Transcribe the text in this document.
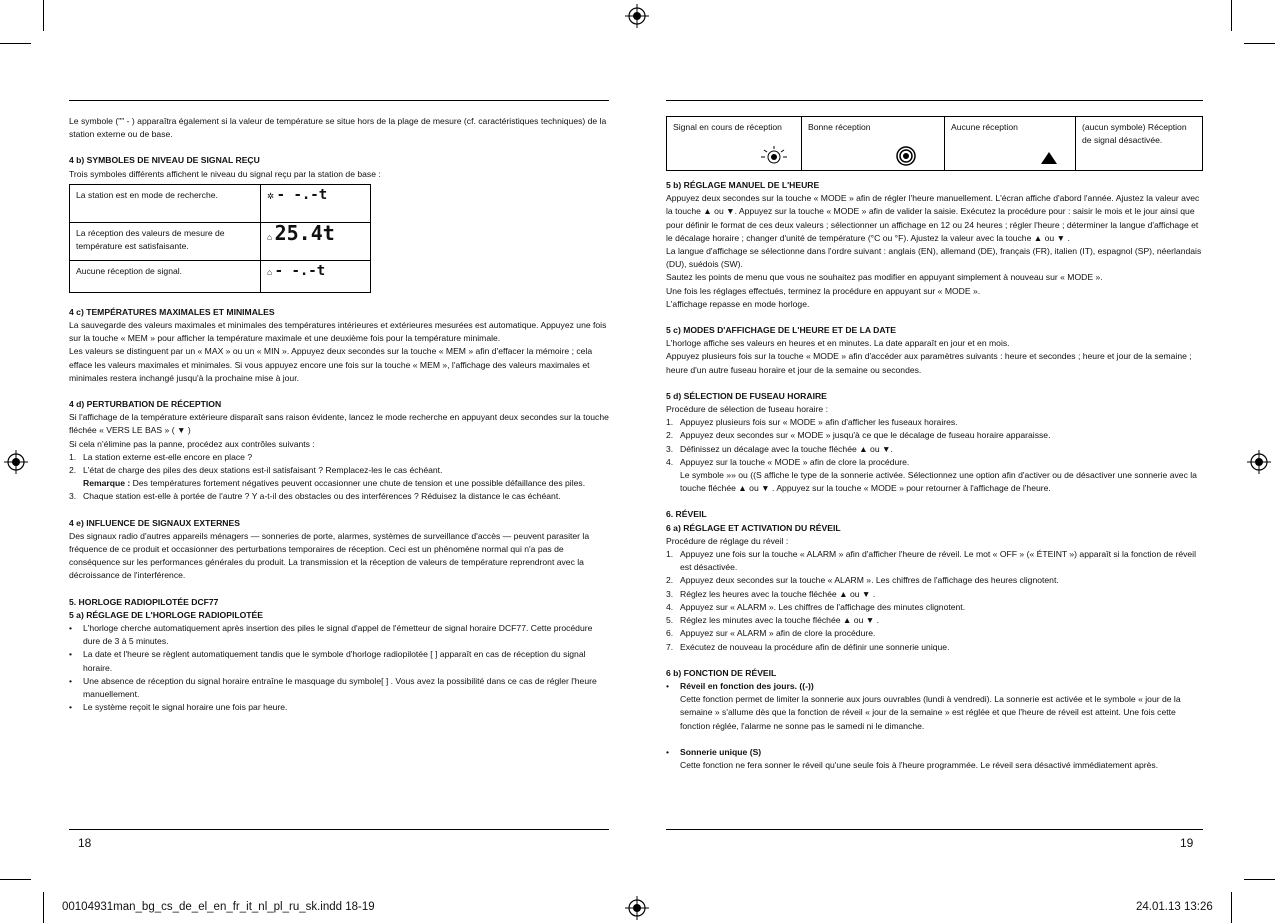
Le symbole ("" - ) apparaîtra également si la valeur de température se situe hors de la plage de mesure (cf. caractéristiques techniques) de la station externe ou de base.

4 b) SYMBOLES DE NIVEAU DE SIGNAL REÇU

Trois symboles différents affichent le niveau du signal reçu par la station de base :

La station est en mode de recherche.	✲ - -.-t
La réception des valeurs de mesure de température est satisfaisante.	⌂ 25.4t
Aucune réception de signal.	⌂ - -.-t

4 c) TEMPÉRATURES MAXIMALES ET MINIMALES

La sauvegarde des valeurs maximales et minimales des températures intérieures et extérieures mesurées est automatique. Appuyez une fois sur la touche « MEM » pour afficher la température maximale et une deuxième fois pour la température minimale.

Les valeurs se distinguent par un « MAX » ou un « MIN ». Appuyez deux secondes sur la touche « MEM » afin d'effacer la mémoire ; cela efface les valeurs maximales et minimales. Si vous appuyez encore une fois sur la touche « MEM », l'affichage des valeurs maximales et minimales restera inchangé jusqu'à la prochaine mise à jour.

4 d) PERTURBATION DE RÉCEPTION

Si l'affichage de la température extérieure disparaît sans raison évidente, lancez le mode recherche en appuyant deux secondes sur la touche fléchée « VERS LE BAS » ( ▼ )

Si cela n'élimine pas la panne, procédez aux contrôles suivants :

1. La station externe est-elle encore en place ?
2. L'état de charge des piles des deux stations est-il satisfaisant ? Remplacez-les le cas échéant.
Remarque : Des températures fortement négatives peuvent occasionner une chute de tension et une possible défaillance des piles.
3. Chaque station est-elle à portée de l'autre ? Y a-t-il des obstacles ou des interférences ? Réduisez la distance le cas échéant.

4 e) INFLUENCE DE SIGNAUX EXTERNES

Des signaux radio d'autres appareils ménagers — sonneries de porte, alarmes, systèmes de surveillance d'accès — peuvent parasiter la fréquence de ce produit et occasionner des perturbations temporaires de réception. Ceci est un phénomène normal qui n'a pas de conséquence sur les performances générales du produit. La transmission et la réception de valeurs de température reprendront avec la décroissance de l'interférence.

5. HORLOGE RADIOPILOTÉE DCF77

5 a) RÉGLAGE DE L'HORLOGE RADIOPILOTÉE

• L'horloge cherche automatiquement après insertion des piles le signal d'appel de l'émetteur de signal horaire DCF77. Cette procédure dure de 3 à 5 minutes.
• La date et l'heure se règlent automatiquement tandis que le symbole d'horloge radiopilotée [ ] apparaît en cas de réception du signal horaire.
• Une absence de réception du signal horaire entraîne le masquage du symbole[ ] . Vous avez la possibilité dans ce cas de régler l'heure manuellement.
• Le système reçoit le signal horaire une fois par heure.
18
Signal en cours de réception	Bonne réception	Aucune réception	(aucun symbole) Réception de signal désactivée.

5 b) RÉGLAGE MANUEL DE L'HEURE

Appuyez deux secondes sur la touche « MODE » afin de régler l'heure manuellement. L'écran affiche d'abord l'année. Ajustez la valeur avec la touche ▲ ou ▼. Appuyez sur la touche « MODE » afin de valider la saisie. Exécutez la procédure pour : saisir le mois et le jour ainsi que pour définir le format de ces deux valeurs ; sélectionner un affichage en 12 ou 24 heures ; régler l'heure ; déterminer la langue d'affichage et le décalage horaire ; changer d'unité de température (°C ou °F). Ajustez la valeur avec la touche ▲ ou ▼ .

La langue d'affichage se sélectionne dans l'ordre suivant : anglais (EN), allemand (DE), français (FR), italien (IT), espagnol (SP), néerlandais (DU), suédois (SW).

Sautez les points de menu que vous ne souhaitez pas modifier en appuyant simplement à nouveau sur « MODE ».

Une fois les réglages effectués, terminez la procédure en appuyant sur « MODE ».

L'affichage repasse en mode horloge.

5 c) MODES D'AFFICHAGE DE L'HEURE ET DE LA DATE

L'horloge affiche ses valeurs en heures et en minutes. La date apparaît en jour et en mois.

Appuyez plusieurs fois sur la touche « MODE » afin d'accéder aux paramètres suivants : heure et secondes ; heure et jour de la semaine ; heure d'un autre fuseau horaire et jour de la semaine ou secondes.

5 d) SÉLECTION DE FUSEAU HORAIRE

Procédure de sélection de fuseau horaire :

1. Appuyez plusieurs fois sur « MODE » afin d'afficher les fuseaux horaires.
2. Appuyez deux secondes sur « MODE » jusqu'à ce que le décalage de fuseau horaire apparaisse.
3. Définissez un décalage avec la touche fléchée ▲ ou ▼.
4. Appuyez sur la touche « MODE » afin de clore la procédure.
Le symbole »» ou ((S affiche le type de la sonnerie activée. Sélectionnez une option afin d'activer ou de désactiver une sonnerie avec la touche fléchée ▲ ou ▼ . Appuyez sur la touche « MODE » pour retourner à l'affichage de l'heure.

6. RÉVEIL

6 a) RÉGLAGE ET ACTIVATION DU RÉVEIL

Procédure de réglage du réveil :

1. Appuyez une fois sur la touche « ALARM » afin d'afficher l'heure de réveil. Le mot « OFF » (« ÉTEINT ») apparaît si la fonction de réveil est désactivée.
2. Appuyez deux secondes sur la touche « ALARM ». Les chiffres de l'affichage des heures clignotent.
3. Réglez les heures avec la touche fléchée ▲ ou ▼ .
4. Appuyez sur « ALARM ». Les chiffres de l'affichage des minutes clignotent.
5. Réglez les minutes avec la touche fléchée ▲ ou ▼ .
6. Appuyez sur « ALARM » afin de clore la procédure.
7. Exécutez de nouveau la procédure afin de définir une sonnerie unique.

6 b) FONCTION DE RÉVEIL

• Réveil en fonction des jours. ((-))
Cette fonction permet de limiter la sonnerie aux jours ouvrables (lundi à vendredi). La sonnerie est activée et le symbole « jour de la semaine » s'allume dès que la fonction de réveil « jour de la semaine » est réglée et que l'heure de réveil est atteint. Une fois cette fonction réglée, l'alarme ne sonne pas le samedi ni le dimanche.
• Sonnerie unique (S)
Cette fonction ne fera sonner le réveil qu'une seule fois à l'heure programmée. Le réveil sera désactivé immédiatement après.
19
00104931man_bg_cs_de_el_en_fr_it_nl_pl_ru_sk.indd 18-19	24.01.13 13:26
